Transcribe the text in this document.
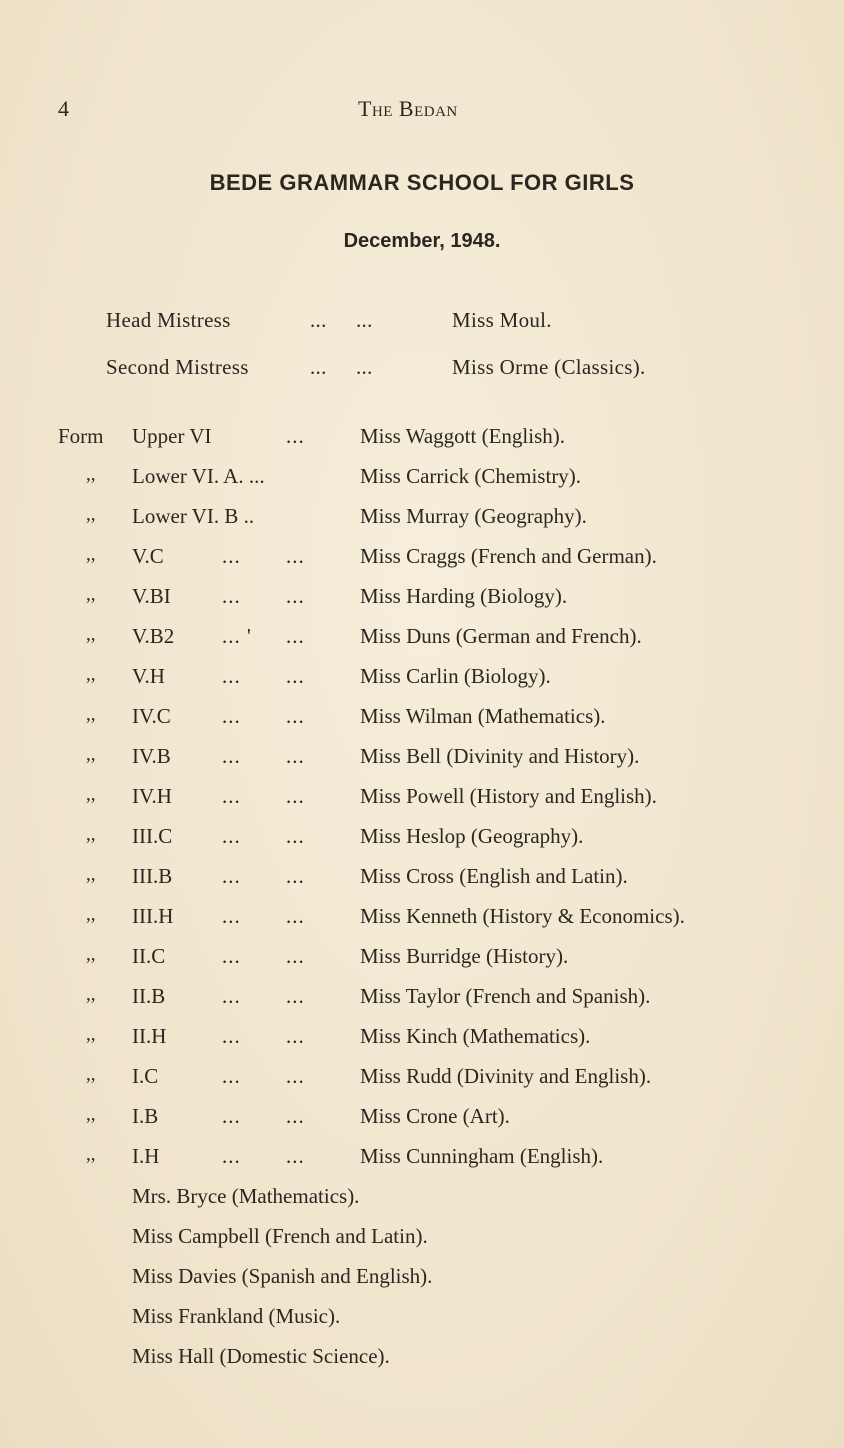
4	The Bedan
BEDE GRAMMAR SCHOOL FOR GIRLS
December, 1948.
Head Mistress	... ...	Miss Moul.
Second Mistress	... ...	Miss Orme (Classics).
Form Upper VI	...	Miss Waggott (English).
,, Lower VI. A. ...	Miss Carrick (Chemistry).
,, Lower VI. B ..	Miss Murray (Geography).
,, V.C	... ...	Miss Craggs (French and German).
,, V.BI ... ...	Miss Harding (Biology).
,, V.B2 ... ' ...	Miss Duns (German and French).
,, V.H	... ...	Miss Carlin (Biology).
,, IV.C ... ...	Miss Wilman (Mathematics).
,, IV.B ... ...	Miss Bell (Divinity and History).
,, IV.H ... ...	Miss Powell (History and English).
,, III.C ... ...	Miss Heslop (Geography).
,, III.B ... ...	Miss Cross (English and Latin).
,, III.H ... ...	Miss Kenneth (History & Economics).
,, II.C	... ...	Miss Burridge (History).
,, II.B	... ...	Miss Taylor (French and Spanish).
,, II.H	... ...	Miss Kinch (Mathematics).
,, I.C	... ...	Miss Rudd (Divinity and English).
,, I.B	... ...	Miss Crone (Art).
,, I.H	... ...	Miss Cunningham (English).
Mrs. Bryce (Mathematics).
Miss Campbell (French and Latin).
Miss Davies (Spanish and English).
Miss Frankland (Music).
Miss Hall (Domestic Science).
